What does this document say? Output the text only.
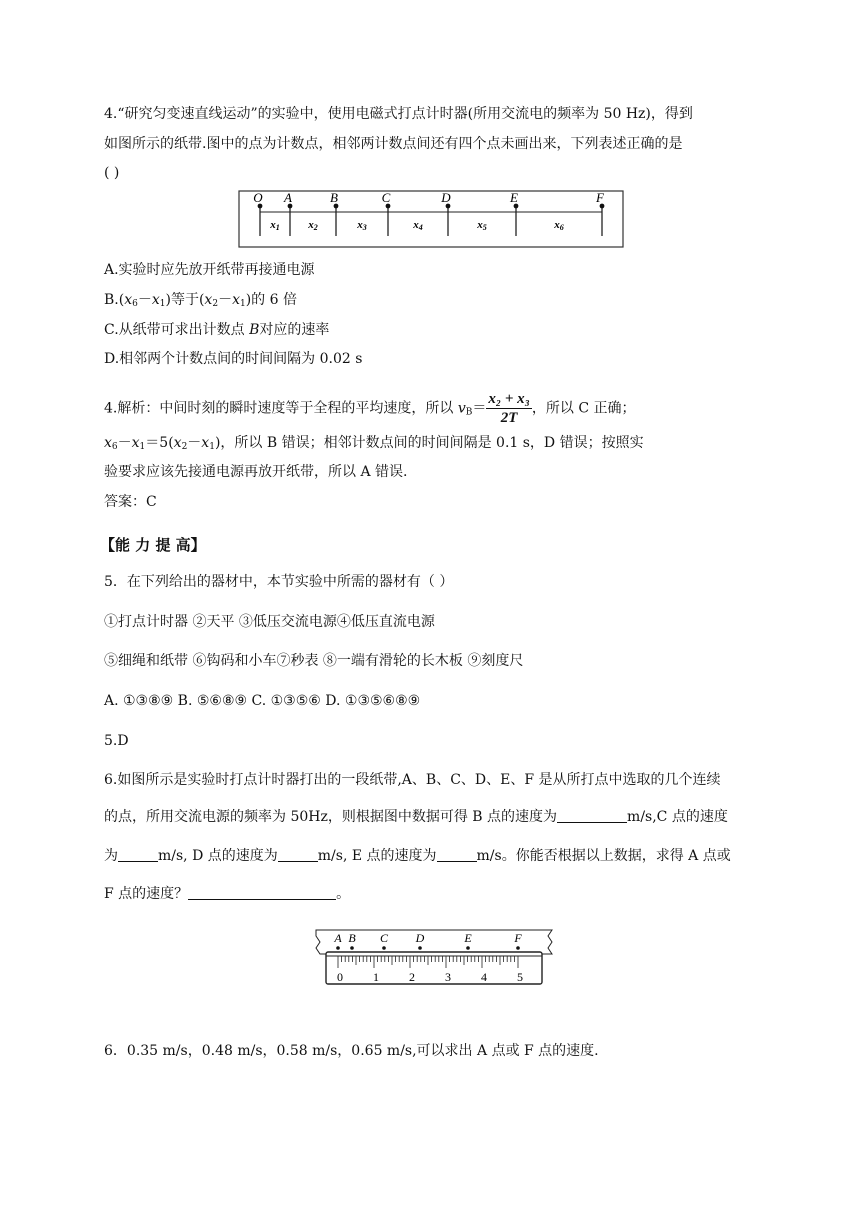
4.“研究匀变速直线运动”的实验中，使用电磁式打点计时器(所用交流电的频率为 50 Hz)，得到
如图所示的纸带.图中的点为计数点，相邻两计数点间还有四个点未画出来，下列表述正确的是
( )
O A	B	C	D	E	F
x1	x2	x3	x4	x5	x6
A.实验时应先放开纸带再接通电源
$B.(x_6-x_1)$等于$(x_2-x_1)$的 6 倍
C.从纸带可求出计数点 B对应的速率
D.相邻两个计数点间的时间间隔为 0.02 s
4.解析：中间时刻的瞬时速度等于全程的平均速度，所以 $v_B= \frac{\text{x₂ + x₃}}{2T}$ ，所以 C 正确；
$x_6-x_1=5(x_2-x_1)$，所以 B 错误；相邻计数点间的时间间隔是 0.1 s，D 错误；按照实
验要求应该先接通电源再放开纸带，所以 A 错误.
答案：C
【能 力 提 高】
5．在下列给出的器材中，本节实验中所需的器材有（ ）
①打点计时器 ②天平 ③低压交流电源④低压直流电源
⑤细绳和纸带 ⑥钩码和小车⑦秒表 ⑧一端有滑轮的长木板 ⑨刻度尺
A. ①③⑧⑨ B. ⑤⑥⑧⑨ C. ①③⑤⑥ D. ①③⑤⑥⑧⑨
5.D
6.如图所示是实验时打点计时器打出的一段纸带,A、B、C、D、E、F 是从所打点中选取的几个连续
的点，所用交流电源的频率为 50Hz，则根据图中数据可得 B 点的速度为	m/s,C 点的速度
为	m/s, D 点的速度为	m/s, E 点的速度为	m/s。你能否根据以上数据，求得 A 点或
F 点的速度？	。
0	1	2	3	4	5
A B C D	E	F
6．0.35 m/s，0.48 m/s，0.58 m/s，0.65 m/s,可以求出 A 点或 F 点的速度.
